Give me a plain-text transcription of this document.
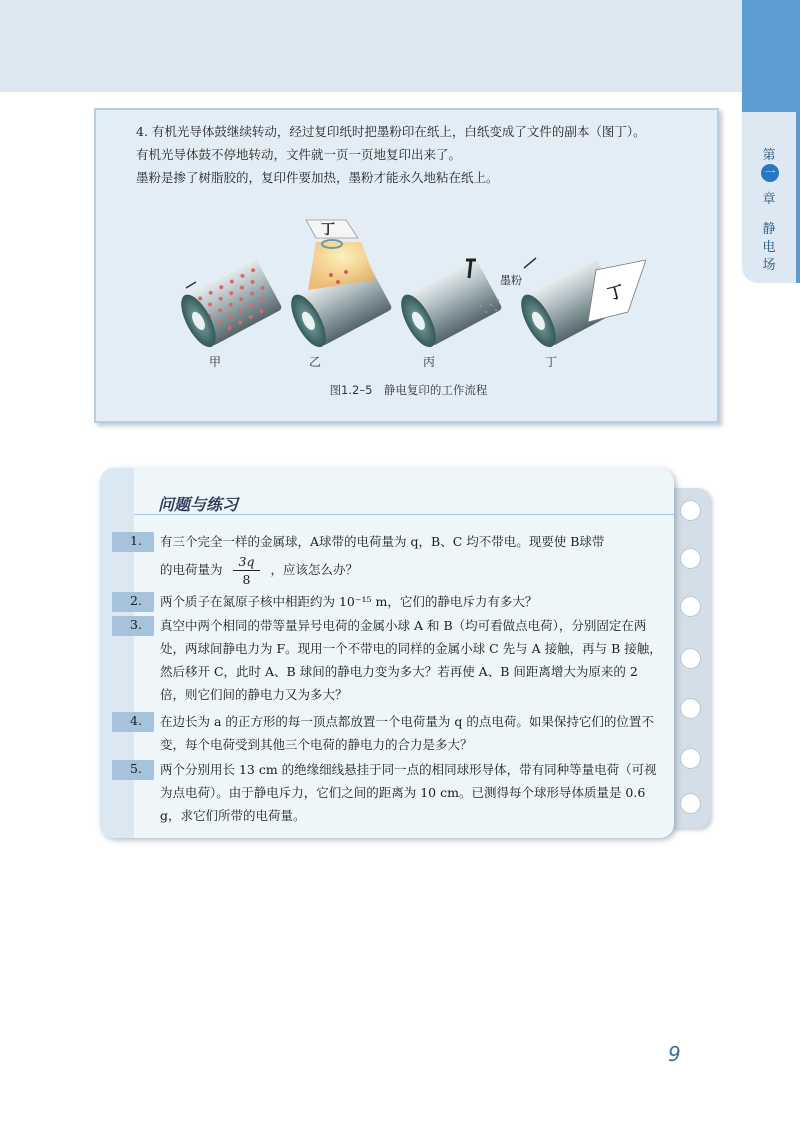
第
一
章
静
电
场

4. 有机光导体鼓继续转动，经过复印纸时把墨粉印在纸上，白纸变成了文件的副本（图丁）。

有机光导体鼓不停地转动，文件就一页一页地复印出来了。

墨粉是掺了树脂胶的，复印件要加热，墨粉才能永久地粘在纸上。

丁
墨粉
丁
甲	乙	丙	丁
图1.2–5　静电复印的工作流程
问题与练习
1. 有三个完全一样的金属球，A球带的电荷量为 q，B、C 均不带电。现要使 B球带
的电荷量为 $\frac{3q}{8}$ ，应该怎么办？
2. 两个质子在氮原子核中相距约为 10⁻¹⁵ m，它们的静电斥力有多大？
3. 真空中两个相同的带等量异号电荷的金属小球 A 和 B（均可看做点电荷），分别固定在两处，两球间静电力为 F。现用一个不带电的同样的金属小球 C 先与 A 接触，再与 B 接触，然后移开 C，此时 A、B 球间的静电力变为多大？若再使 A、B 间距离增大为原来的 2 倍，则它们间的静电力又为多大？
4. 在边长为 a 的正方形的每一顶点都放置一个电荷量为 q 的点电荷。如果保持它们的位置不变，每个电荷受到其他三个电荷的静电力的合力是多大？
5. 两个分别用长 13 cm 的绝缘细线悬挂于同一点的相同球形导体，带有同种等量电荷（可视为点电荷）。由于静电斥力，它们之间的距离为 10 cm。已测得每个球形导体质量是 0.6 g，求它们所带的电荷量。
9
